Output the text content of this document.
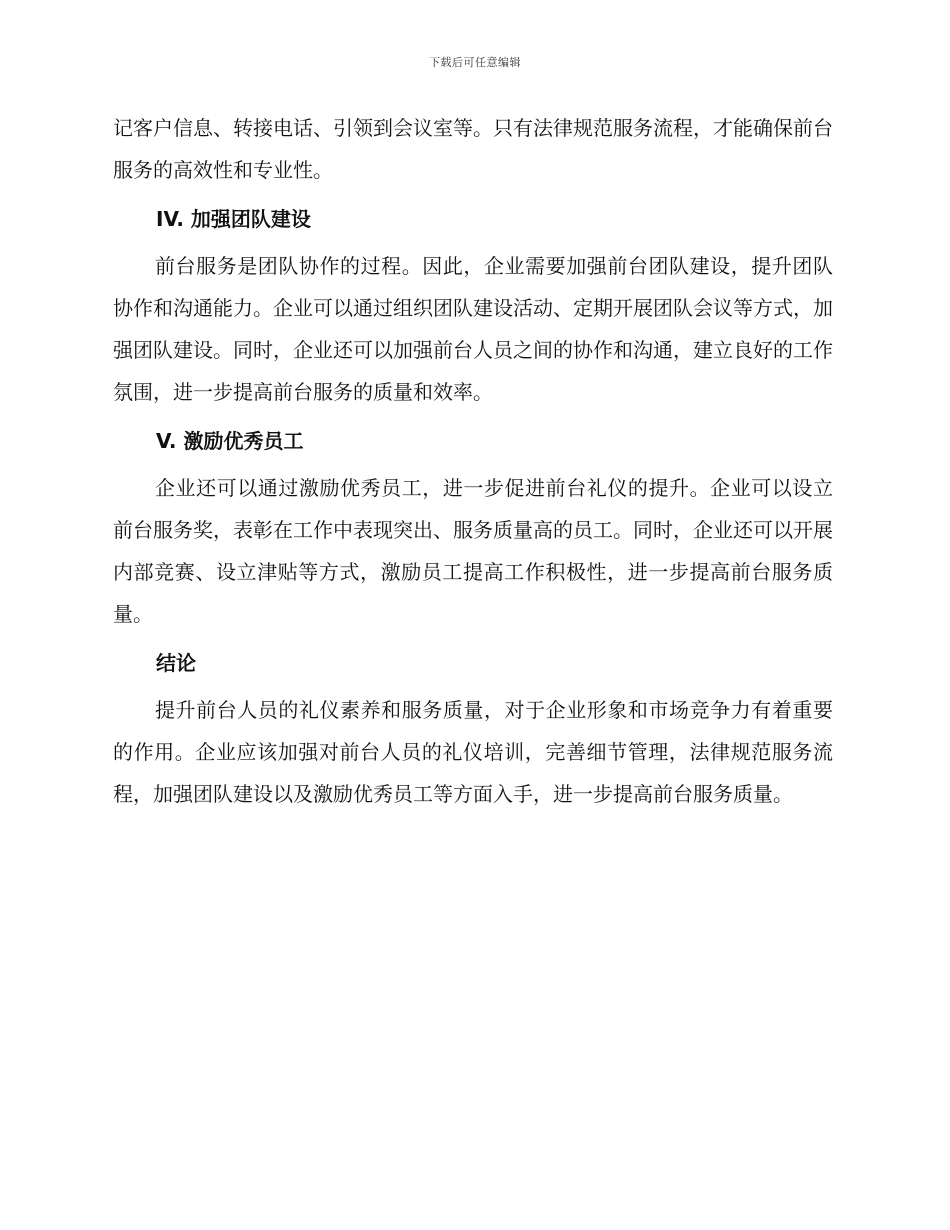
下载后可任意编辑

记客户信息、转接电话、引领到会议室等。只有法律规范服务流程，才能确保前台服务的高效性和专业性。

IV. 加强团队建设

前台服务是团队协作的过程。因此，企业需要加强前台团队建设，提升团队协作和沟通能力。企业可以通过组织团队建设活动、定期开展团队会议等方式，加强团队建设。同时，企业还可以加强前台人员之间的协作和沟通，建立良好的工作氛围，进一步提高前台服务的质量和效率。

V. 激励优秀员工

企业还可以通过激励优秀员工，进一步促进前台礼仪的提升。企业可以设立前台服务奖，表彰在工作中表现突出、服务质量高的员工。同时，企业还可以开展内部竞赛、设立津贴等方式，激励员工提高工作积极性，进一步提高前台服务质量。

结论

提升前台人员的礼仪素养和服务质量，对于企业形象和市场竞争力有着重要的作用。企业应该加强对前台人员的礼仪培训，完善细节管理，法律规范服务流程，加强团队建设以及激励优秀员工等方面入手，进一步提高前台服务质量。
